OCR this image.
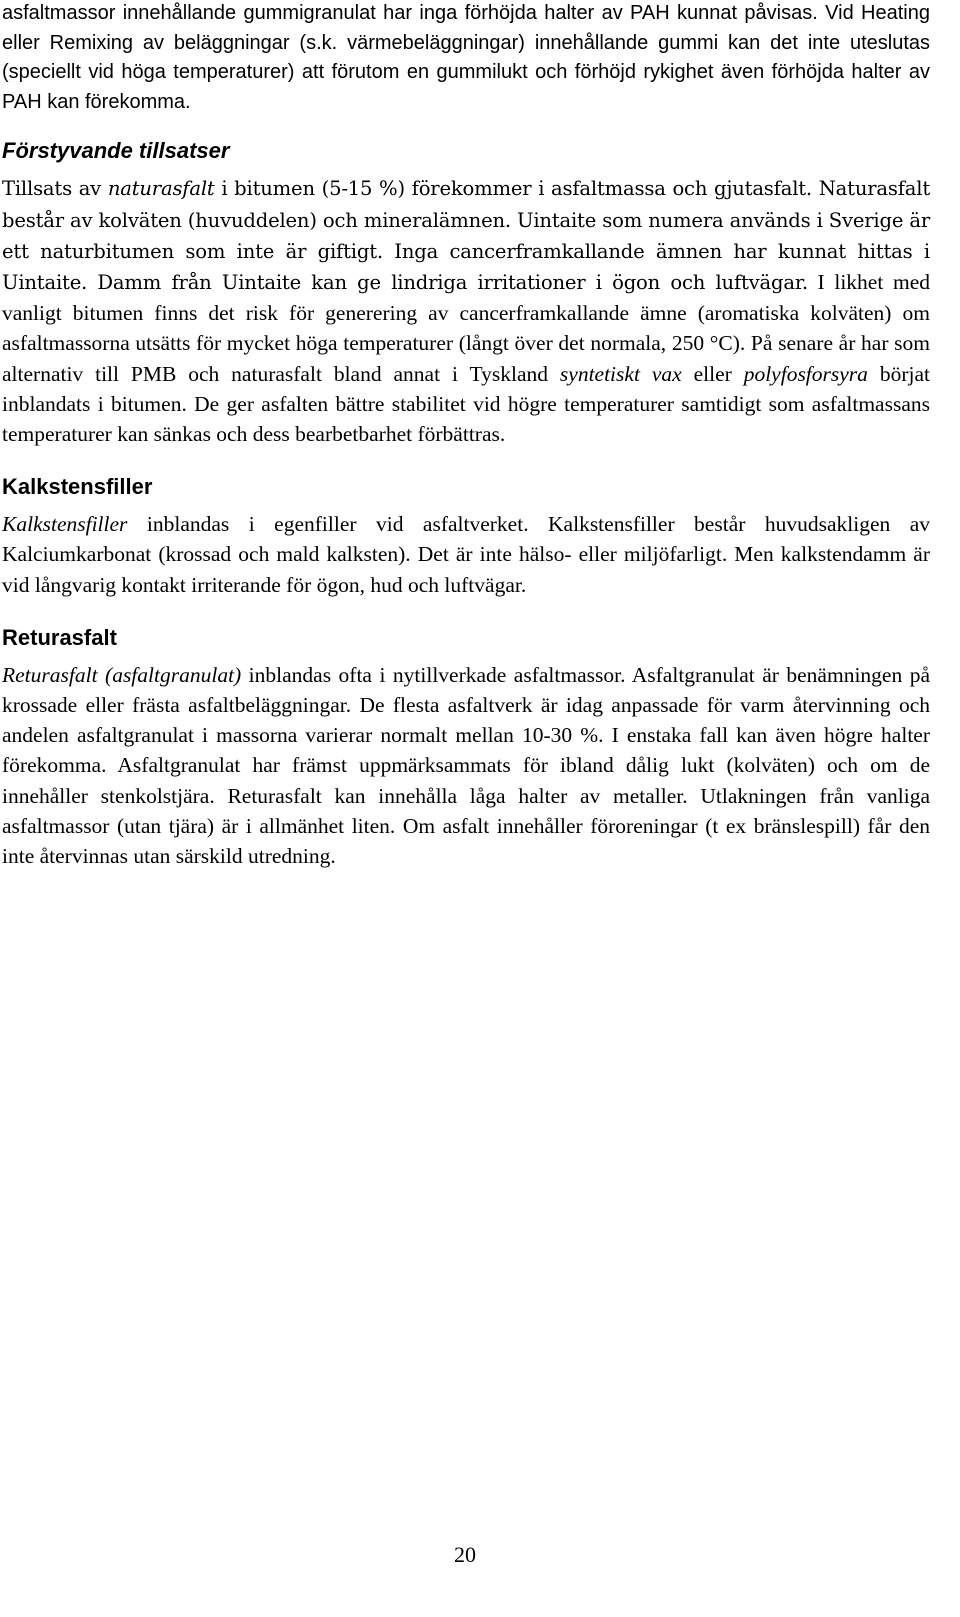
asfaltmassor innehållande gummigranulat har inga förhöjda halter av PAH kunnat påvisas. Vid Heating eller Remixing av beläggningar (s.k. värmebeläggningar) innehållande gummi kan det inte uteslutas (speciellt vid höga temperaturer) att förutom en gummilukt och förhöjd rykighet även förhöjda halter av PAH kan förekomma.

Förstyvande tillsatser

Tillsats av naturasfalt i bitumen (5-15 %) förekommer i asfaltmassa och gjutasfalt. Naturasfalt består av kolväten (huvuddelen) och mineralämnen. Uintaite som numera används i Sverige är ett naturbitumen som inte är giftigt. Inga cancerframkallande ämnen har kunnat hittas i Uintaite. Damm från Uintaite kan ge lindriga irritationer i ögon och luftvägar. I likhet med vanligt bitumen finns det risk för generering av cancerframkallande ämne (aromatiska kolväten) om asfaltmassorna utsätts för mycket höga temperaturer (långt över det normala, 250 °C). På senare år har som alternativ till PMB och naturasfalt bland annat i Tyskland syntetiskt vax eller polyfosforsyra börjat inblandats i bitumen. De ger asfalten bättre stabilitet vid högre temperaturer samtidigt som asfaltmassans temperaturer kan sänkas och dess bearbetbarhet förbättras.

Kalkstensfiller

Kalkstensfiller inblandas i egenfiller vid asfaltverket. Kalkstensfiller består huvudsakligen av Kalciumkarbonat (krossad och mald kalksten). Det är inte hälso- eller miljöfarligt. Men kalkstendamm är vid långvarig kontakt irriterande för ögon, hud och luftvägar.

Returasfalt

Returasfalt (asfaltgranulat) inblandas ofta i nytillverkade asfaltmassor. Asfaltgranulat är benämningen på krossade eller frästa asfaltbeläggningar. De flesta asfaltverk är idag anpassade för varm återvinning och andelen asfaltgranulat i massorna varierar normalt mellan 10-30 %. I enstaka fall kan även högre halter förekomma. Asfaltgranulat har främst uppmärksammats för ibland dålig lukt (kolväten) och om de innehåller stenkolstjära. Returasfalt kan innehålla låga halter av metaller. Utlakningen från vanliga asfaltmassor (utan tjära) är i allmänhet liten. Om asfalt innehåller föroreningar (t ex bränslespill) får den inte återvinnas utan särskild utredning.

20
